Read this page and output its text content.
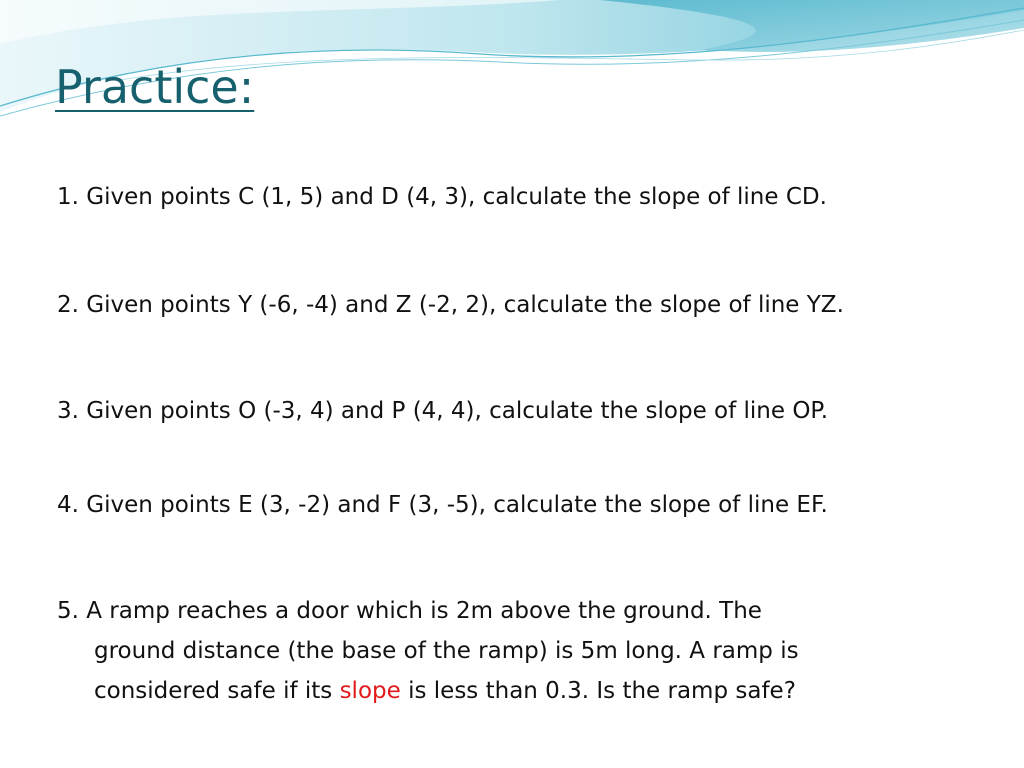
Practice:

1. Given points C (1, 5) and D (4, 3), calculate the slope of line CD.

2. Given points Y (-6, -4) and Z (-2, 2), calculate the slope of line YZ.

3. Given points O (-3, 4) and P (4, 4), calculate the slope of line OP.

4. Given points E (3, -2) and F (3, -5), calculate the slope of line EF.

5. A ramp reaches a door which is 2m above the ground. The
ground distance (the base of the ramp) is 5m long. A ramp is
considered safe if its slope is less than 0.3. Is the ramp safe?
